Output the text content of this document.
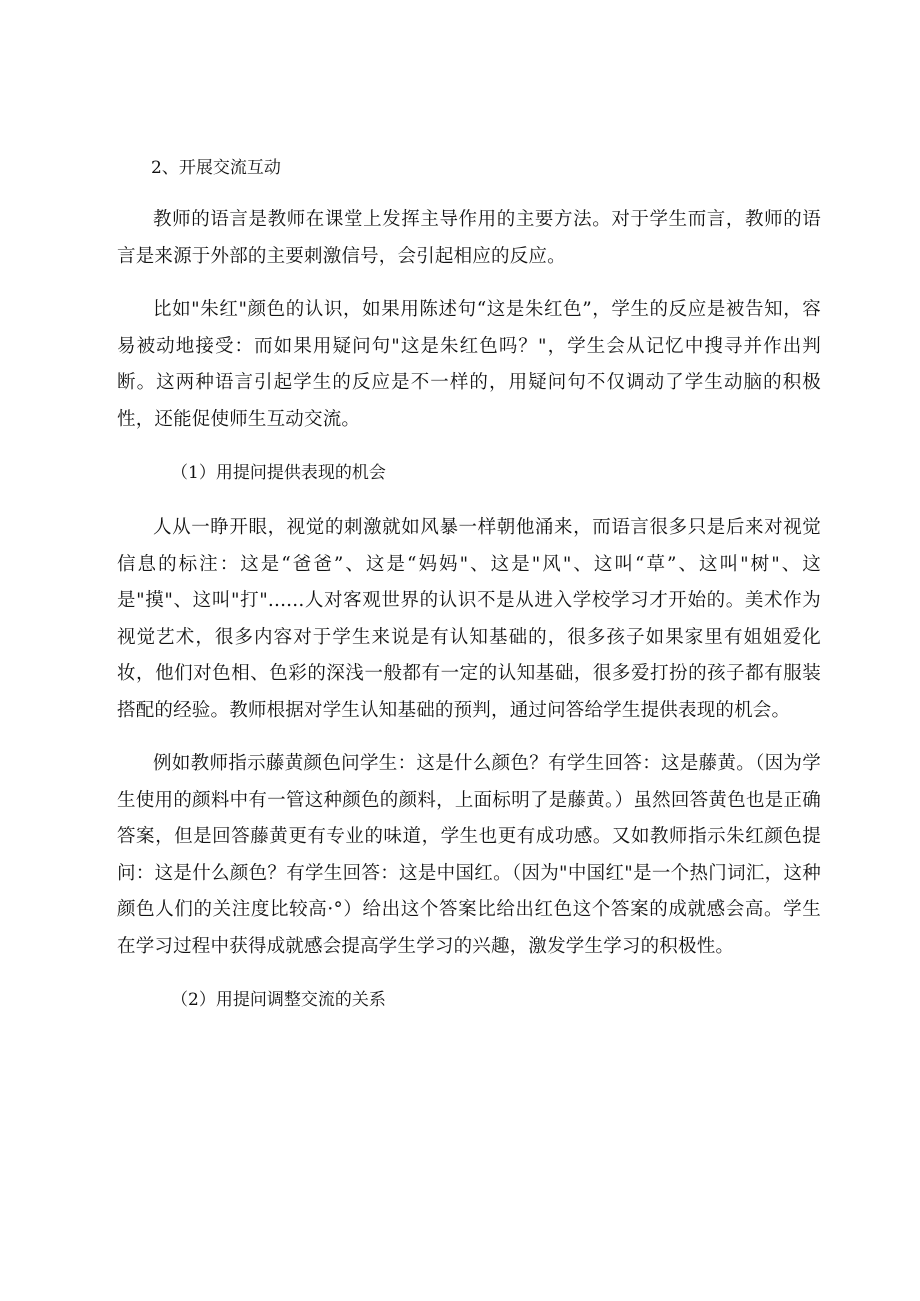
2、开展交流互动

教师的语言是教师在课堂上发挥主导作用的主要方法。对于学生而言，教师的语言是来源于外部的主要刺激信号，会引起相应的反应。

比如"朱红"颜色的认识，如果用陈述句“这是朱红色”，学生的反应是被告知，容易被动地接受：而如果用疑问句"这是朱红色吗？"，学生会从记忆中搜寻并作出判断。这两种语言引起学生的反应是不一样的，用疑问句不仅调动了学生动脑的积极性，还能促使师生互动交流。

（1）用提问提供表现的机会

人从一睁开眼，视觉的刺激就如风暴一样朝他涌来，而语言很多只是后来对视觉信息的标注：这是“爸爸”、这是“妈妈"、这是"风"、这叫“草”、这叫"树"、这是"摸"、这叫"打"......人对客观世界的认识不是从进入学校学习才开始的。美术作为视觉艺术，很多内容对于学生来说是有认知基础的，很多孩子如果家里有姐姐爱化妆，他们对色相、色彩的深浅一般都有一定的认知基础，很多爱打扮的孩子都有服装搭配的经验。教师根据对学生认知基础的预判，通过问答给学生提供表现的机会。

例如教师指示藤黄颜色问学生：这是什么颜色？有学生回答：这是藤黄。（因为学生使用的颜料中有一管这种颜色的颜料，上面标明了是藤黄。）虽然回答黄色也是正确答案，但是回答藤黄更有专业的味道，学生也更有成功感。又如教师指示朱红颜色提问：这是什么颜色？有学生回答：这是中国红。（因为"中国红"是一个热门词汇，这种颜色人们的关注度比较高·°）给出这个答案比给出红色这个答案的成就感会高。学生在学习过程中获得成就感会提高学生学习的兴趣，激发学生学习的积极性。

（2）用提问调整交流的关系
